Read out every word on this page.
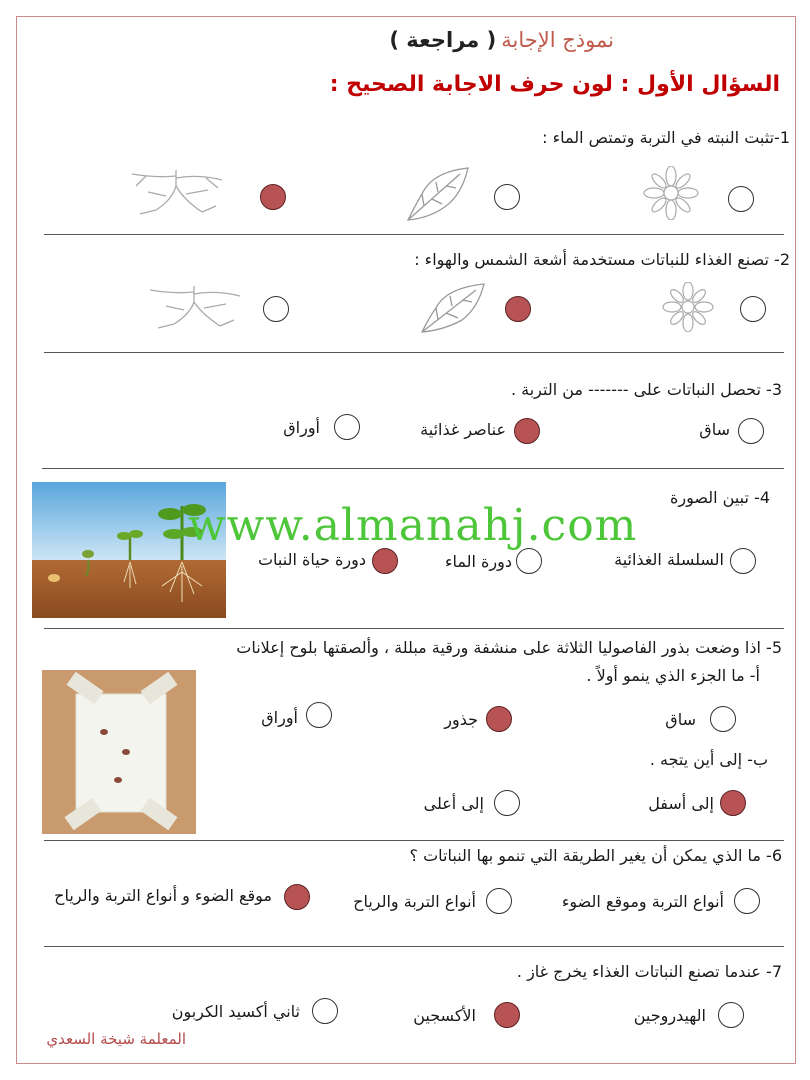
نموذج الإجابة ( مراجعة )
السؤال الأول : لون حرف الاجابة الصحيح :
1-تثبت النبته في التربة وتمتص الماء :
2- تصنع الغذاء للنباتات مستخدمة أشعة الشمس والهواء :
3- تحصل النباتات على ------- من التربة .
ساق
عناصر غذائية
أوراق
4- تبين الصورة
السلسلة الغذائية
دورة الماء
دورة حياة النبات
5- اذا وضعت بذور الفاصوليا الثلاثة على منشفة ورقية مبللة ، وألصقتها بلوح إعلانات
أ- ما الجزء الذي ينمو أولاً .
ساق
جذور
أوراق
ب- إلى أين يتجه .
إلى أسفل
إلى أعلى
6- ما الذي يمكن أن يغير الطريقة التي تنمو بها النباتات ؟
أنواع التربة وموقع الضوء
أنواع التربة والرياح
موقع الضوء و أنواع التربة والرياح
7- عندما تصنع النباتات الغذاء يخرج غاز .
الهيدروجين
الأكسجين
ثاني أكسيد الكربون
المعلمة شيخة السعدي
www.almanahj.com
